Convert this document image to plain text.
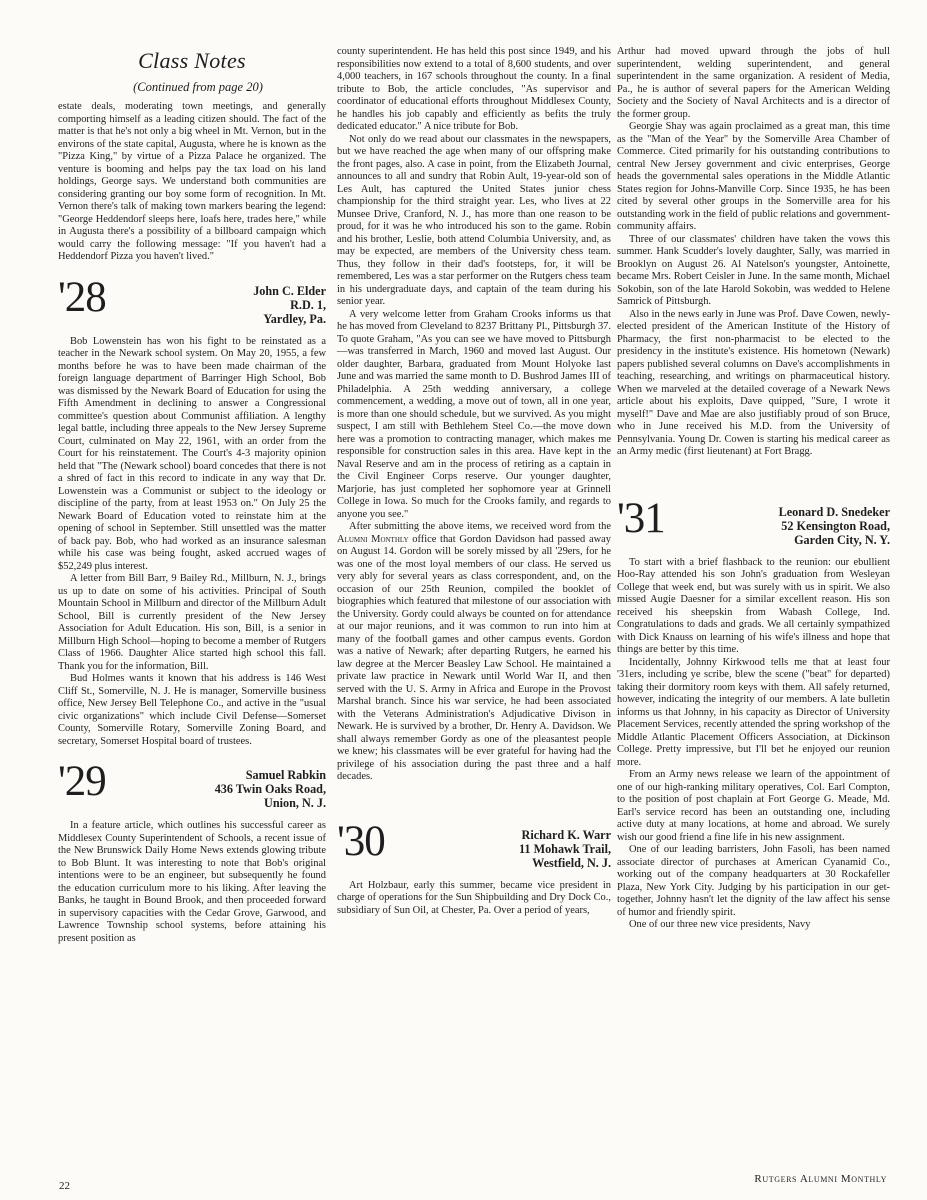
Class Notes
(Continued from page 20)

estate deals, moderating town meetings, and generally comporting himself as a leading citizen should. The fact of the matter is that he's not only a big wheel in Mt. Vernon, but in the environs of the state capital, Augusta, where he is known as the "Pizza King," by virtue of a Pizza Palace he organized. The venture is booming and helps pay the tax load on his land holdings, George says. We understand both communities are considering granting our boy some form of recognition. In Mt. Vernon there's talk of making town markers bearing the legend: "George Heddendorf sleeps here, loafs here, trades here," while in Augusta there's a possibility of a billboard campaign which would carry the following message: "If you haven't had a Heddendorf Pizza you haven't lived."

'28	John C. Elder
R.D. 1,
Yardley, Pa.

Bob Lowenstein has won his fight to be reinstated as a teacher in the Newark school system. On May 20, 1955, a few months before he was to have been made chairman of the foreign language department of Barringer High School, Bob was dismissed by the Newark Board of Education for using the Fifth Amendment in declining to answer a Congressional committee's question about Communist affiliation. A lengthy legal battle, including three appeals to the New Jersey Supreme Court, culminated on May 22, 1961, with an order from the Court for his reinstatement. The Court's 4-3 majority opinion held that "The (Newark school) board concedes that there is not a shred of fact in this record to indicate in any way that Dr. Lowenstein was a Communist or subject to the ideology or discipline of the party, from at least 1953 on." On July 25 the Newark Board of Education voted to reinstate him at the opening of school in September. Still unsettled was the matter of back pay. Bob, who had worked as an insurance salesman while his case was being fought, asked accrued wages of $52,249 plus interest.

A letter from Bill Barr, 9 Bailey Rd., Millburn, N. J., brings us up to date on some of his activities. Principal of South Mountain School in Millburn and director of the Millburn Adult School, Bill is currently president of the New Jersey Association for Adult Education. His son, Bill, is a senior in Millburn High School—hoping to become a member of Rutgers Class of 1966. Daughter Alice started high school this fall. Thank you for the information, Bill.

Bud Holmes wants it known that his address is 146 West Cliff St., Somerville, N. J. He is manager, Somerville business office, New Jersey Bell Telephone Co., and active in the "usual civic organizations" which include Civil Defense—Somerset County, Somerville Rotary, Somerville Zoning Board, and secretary, Somerset Hospital board of trustees.

'29	Samuel Rabkin
436 Twin Oaks Road,
Union, N. J.

In a feature article, which outlines his successful career as Middlesex County Superintendent of Schools, a recent issue of the New Brunswick Daily Home News extends glowing tribute to Bob Blunt. It was interesting to note that Bob's original intentions were to be an engineer, but subsequently he found the education curriculum more to his liking. After leaving the Banks, he taught in Bound Brook, and then proceeded forward in supervisory capacities with the Cedar Grove, Garwood, and Lawrence Township school systems, before attaining his present position as

county superintendent. He has held this post since 1949, and his responsibilities now extend to a total of 8,600 students, and over 4,000 teachers, in 167 schools throughout the county. In a final tribute to Bob, the article concludes, "As supervisor and coordinator of educational efforts throughout Middlesex County, he handles his job capably and efficiently as befits the truly dedicated educator." A nice tribute for Bob.

Not only do we read about our classmates in the newspapers, but we have reached the age when many of our offspring make the front pages, also. A case in point, from the Elizabeth Journal, announces to all and sundry that Robin Ault, 19-year-old son of Les Ault, has captured the United States junior chess championship for the third straight year. Les, who lives at 22 Munsee Drive, Cranford, N. J., has more than one reason to be proud, for it was he who introduced his son to the game. Robin and his brother, Leslie, both attend Columbia University, and, as may be expected, are members of the University chess team. Thus, they follow in their dad's footsteps, for, it will be remembered, Les was a star performer on the Rutgers chess team in his undergraduate days, and captain of the team during his senior year.

A very welcome letter from Graham Crooks informs us that he has moved from Cleveland to 8237 Brittany Pl., Pittsburgh 37. To quote Graham, "As you can see we have moved to Pittsburgh—was transferred in March, 1960 and moved last August. Our older daughter, Barbara, graduated from Mount Holyoke last June and was married the same month to D. Bushrod James III of Philadelphia. A 25th wedding anniversary, a college commencement, a wedding, a move out of town, all in one year, is more than one should schedule, but we survived. As you might suspect, I am still with Bethlehem Steel Co.—the move down here was a promotion to contracting manager, which makes me responsible for construction sales in this area. Have kept in the Naval Reserve and am in the process of retiring as a captain in the Civil Engineer Corps reserve. Our younger daughter, Marjorie, has just completed her sophomore year at Grinnell College in Iowa. So much for the Crooks family, and regards to anyone you see."

After submitting the above items, we received word from the Alumni Monthly office that Gordon Davidson had passed away on August 14. Gordon will be sorely missed by all '29ers, for he was one of the most loyal members of our class. He served us very ably for several years as class correspondent, and, on the occasion of our 25th Reunion, compiled the booklet of biographies which featured that milestone of our association with the University. Gordy could always be counted on for attendance at our major reunions, and it was common to run into him at many of the football games and other campus events. Gordon was a native of Newark; after departing Rutgers, he earned his law degree at the Mercer Beasley Law School. He maintained a private law practice in Newark until World War II, and then served with the U. S. Army in Africa and Europe in the Provost Marshal branch. Since his war service, he had been associated with the Veterans Administration's Adjudicative Divison in Newark. He is survived by a brother, Dr. Henry A. Davidson. We shall always remember Gordy as one of the pleasantest people we knew; his classmates will be ever grateful for having had the privilege of his association during the past three and a half decades.

'30	Richard K. Warr
11 Mohawk Trail,
Westfield, N. J.

Art Holzbaur, early this summer, became vice president in charge of operations for the Sun Shipbuilding and Dry Dock Co., subsidiary of Sun Oil, at Chester, Pa. Over a period of years,

Arthur had moved upward through the jobs of hull superintendent, welding superintendent, and general superintendent in the same organization. A resident of Media, Pa., he is author of several papers for the American Welding Society and the Society of Naval Architects and is a director of the former group.

Georgie Shay was again proclaimed as a great man, this time as the "Man of the Year" by the Somerville Area Chamber of Commerce. Cited primarily for his outstanding contributions to central New Jersey government and civic enterprises, George heads the governmental sales operations in the Middle Atlantic States region for Johns-Manville Corp. Since 1935, he has been cited by several other groups in the Somerville area for his outstanding work in the field of public relations and government-community affairs.

Three of our classmates' children have taken the vows this summer. Hank Scudder's lovely daughter, Sally, was married in Brooklyn on August 26. Al Natelson's youngster, Antoinette, became Mrs. Robert Ceisler in June. In the same month, Michael Sokobin, son of the late Harold Sokobin, was wedded to Helene Samrick of Pittsburgh.

Also in the news early in June was Prof. Dave Cowen, newly-elected president of the American Institute of the History of Pharmacy, the first non-pharmacist to be elected to the presidency in the institute's existence. His hometown (Newark) papers published several columns on Dave's accomplishments in teaching, researching, and writings on pharmaceutical history. When we marveled at the detailed coverage of a Newark News article about his exploits, Dave quipped, "Sure, I wrote it myself!" Dave and Mae are also justifiably proud of son Bruce, who in June received his M.D. from the University of Pennsylvania. Young Dr. Cowen is starting his medical career as an Army medic (first lieutenant) at Fort Bragg.

'31	Leonard D. Snedeker
52 Kensington Road,
Garden City, N. Y.

To start with a brief flashback to the reunion: our ebullient Hoo-Ray attended his son John's graduation from Wesleyan College that week end, but was surely with us in spirit. We also missed Augie Daesner for a similar excellent reason. His son received his sheepskin from Wabash College, Ind. Congratulations to dads and grads. We all certainly sympathized with Dick Knauss on learning of his wife's illness and hope that things are better by this time.

Incidentally, Johnny Kirkwood tells me that at least four '31ers, including ye scribe, blew the scene ("beat" for departed) taking their dormitory room keys with them. All safely returned, however, indicating the integrity of our members. A late bulletin informs us that Johnny, in his capacity as Director of University Placement Services, recently attended the spring workshop of the Middle Atlantic Placement Officers Association, at Dickinson College. Pretty impressive, but I'll bet he enjoyed our reunion more.

From an Army news release we learn of the appointment of one of our high-ranking military operatives, Col. Earl Compton, to the position of post chaplain at Fort George G. Meade, Md. Earl's service record has been an outstanding one, including active duty at many locations, at home and abroad. We surely wish our good friend a fine life in his new assignment.

One of our leading barristers, John Fasoli, has been named associate director of purchases at American Cyanamid Co., working out of the company headquarters at 30 Rockafeller Plaza, New York City. Judging by his participation in our get-together, Johnny hasn't let the dignity of the law affect his sense of humor and friendly spirit.

One of our three new vice presidents, Navy

22
Rutgers Alumni Monthly
